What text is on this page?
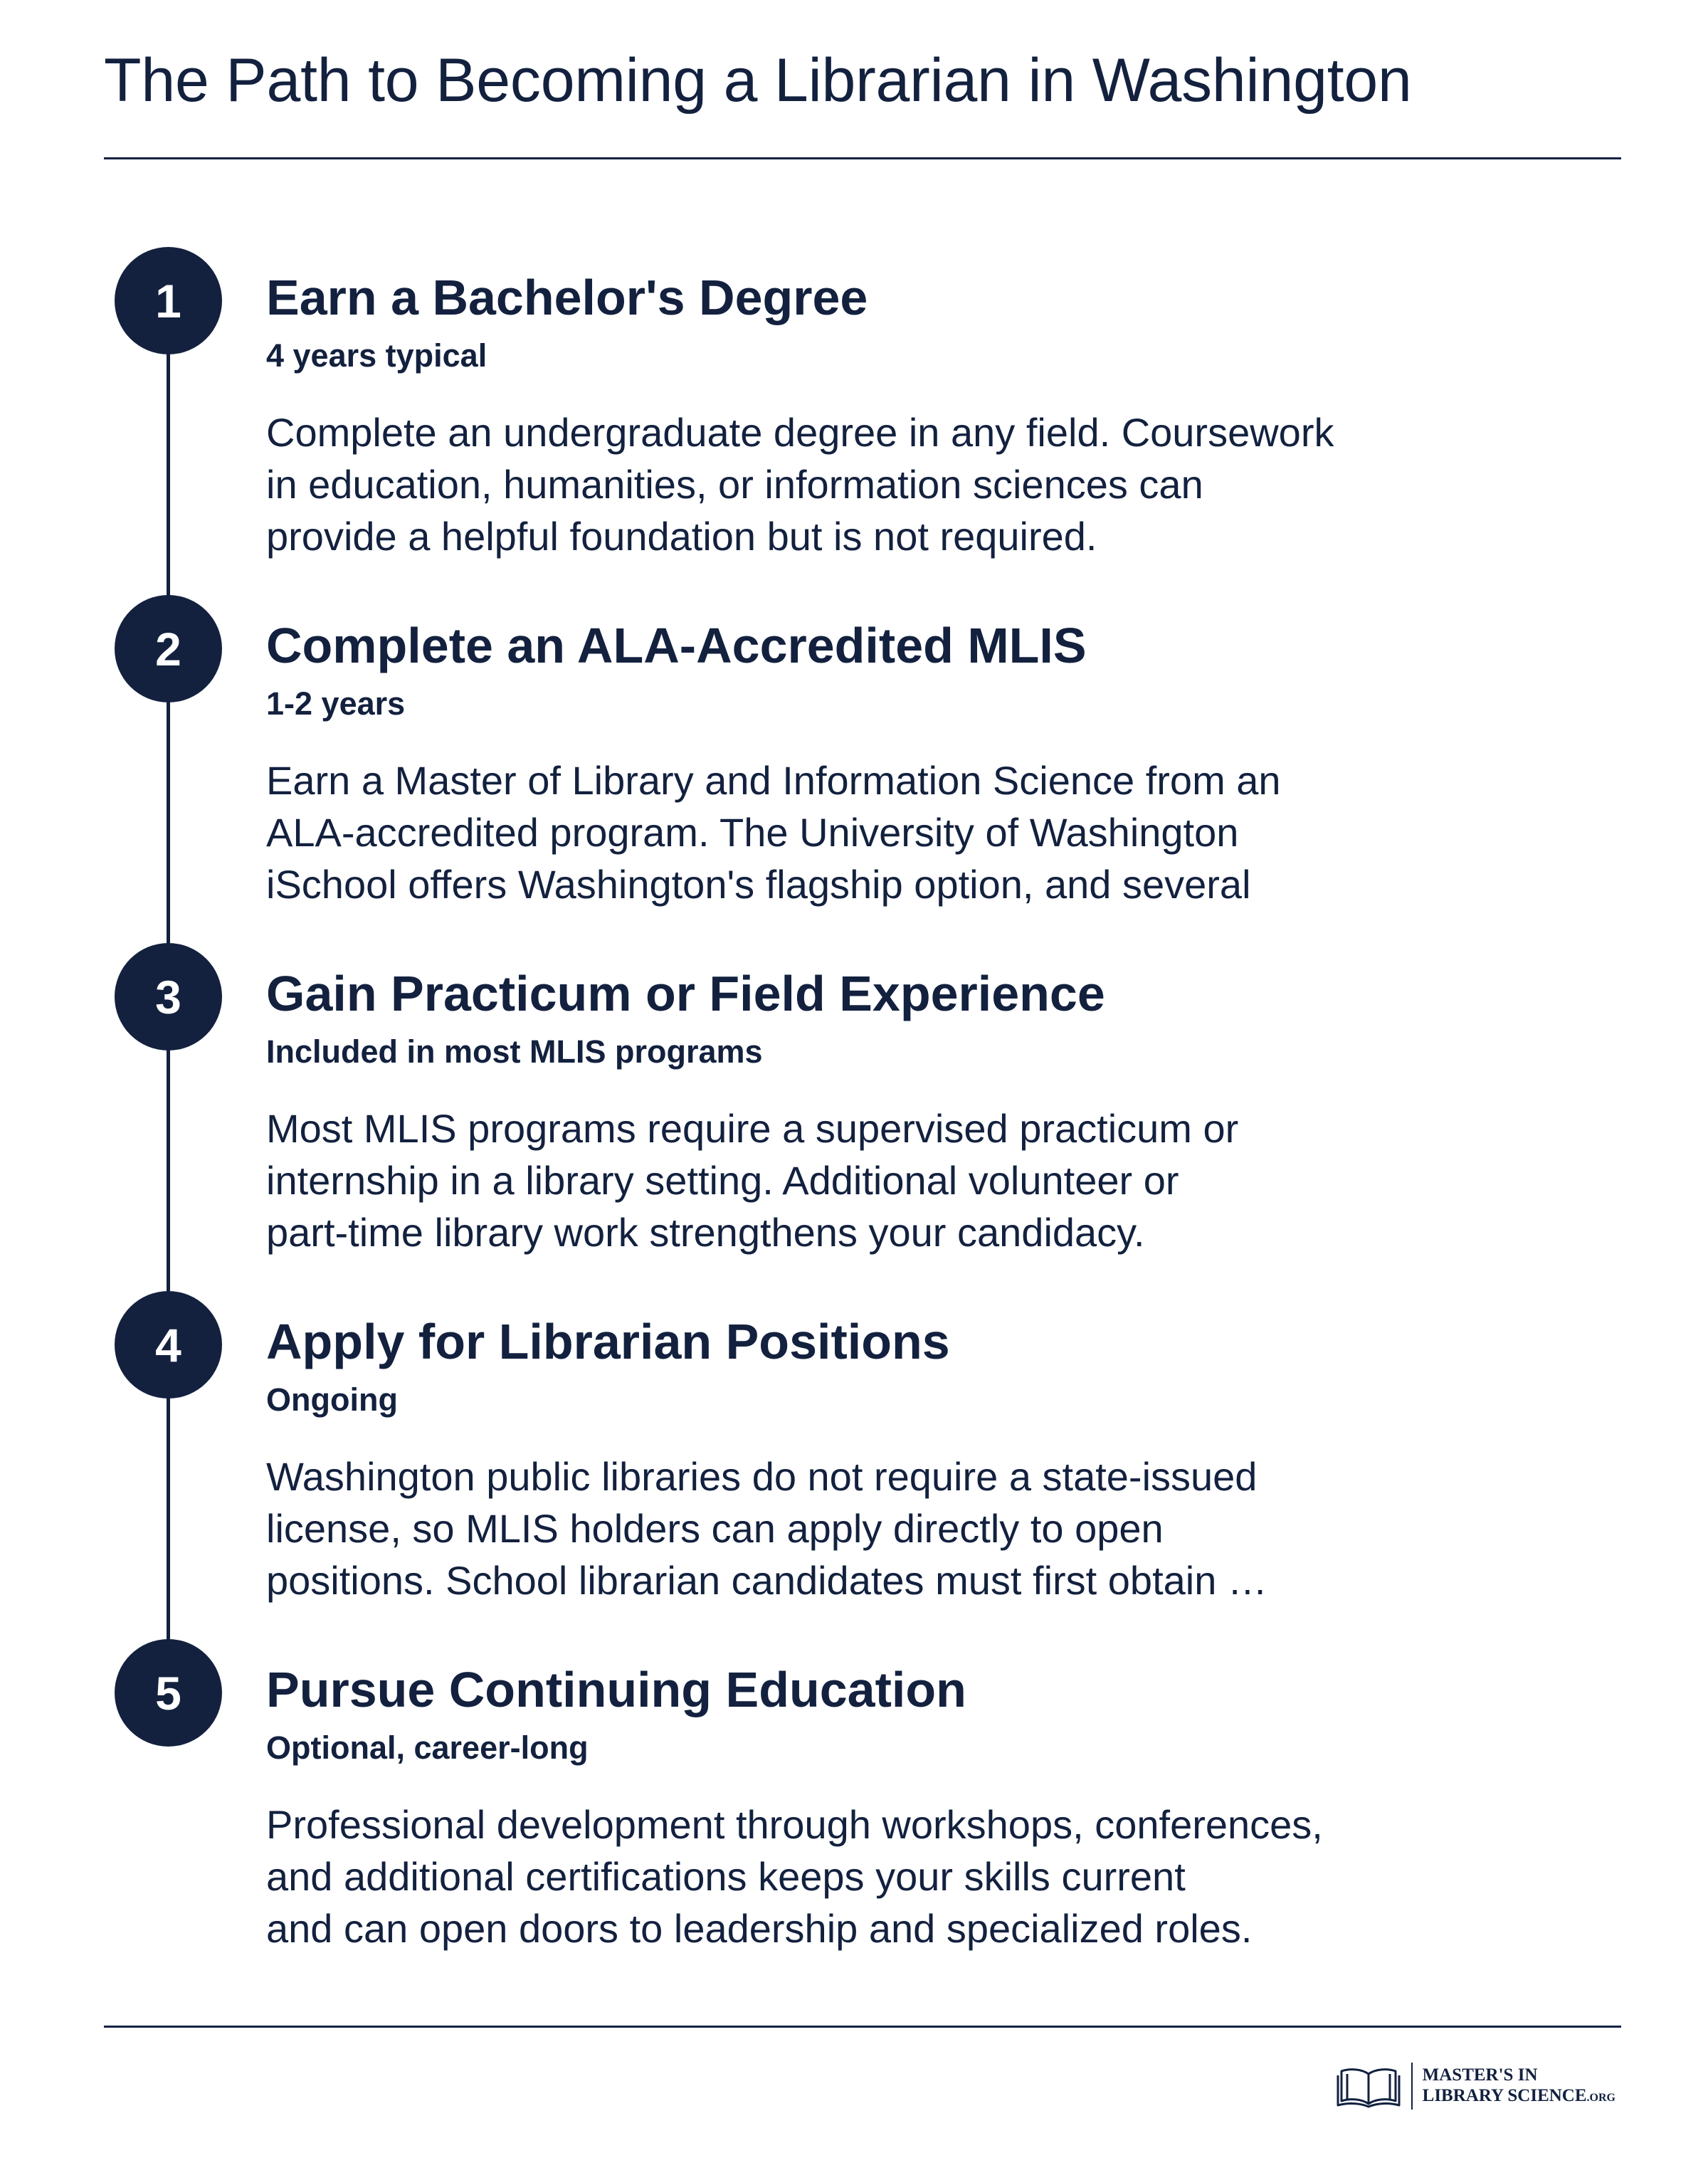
The Path to Becoming a Librarian in Washington
1	Earn a Bachelor's Degree

4 years typical

Complete an undergraduate degree in any field. Coursework
in education, humanities, or information sciences can
provide a helpful foundation but is not required.

2	Complete an ALA-Accredited MLIS

1-2 years

Earn a Master of Library and Information Science from an
ALA-accredited program. The University of Washington
iSchool offers Washington's flagship option, and several

3	Gain Practicum or Field Experience

Included in most MLIS programs

Most MLIS programs require a supervised practicum or
internship in a library setting. Additional volunteer or
part-time library work strengthens your candidacy.

4	Apply for Librarian Positions

Ongoing

Washington public libraries do not require a state-issued
license, so MLIS holders can apply directly to open
positions. School librarian candidates must first obtain …

5	Pursue Continuing Education

Optional, career-long

Professional development through workshops, conferences,
and additional certifications keeps your skills current
and can open doors to leadership and specialized roles.

MASTER'S IN
LIBRARY SCIENCE.ORG
